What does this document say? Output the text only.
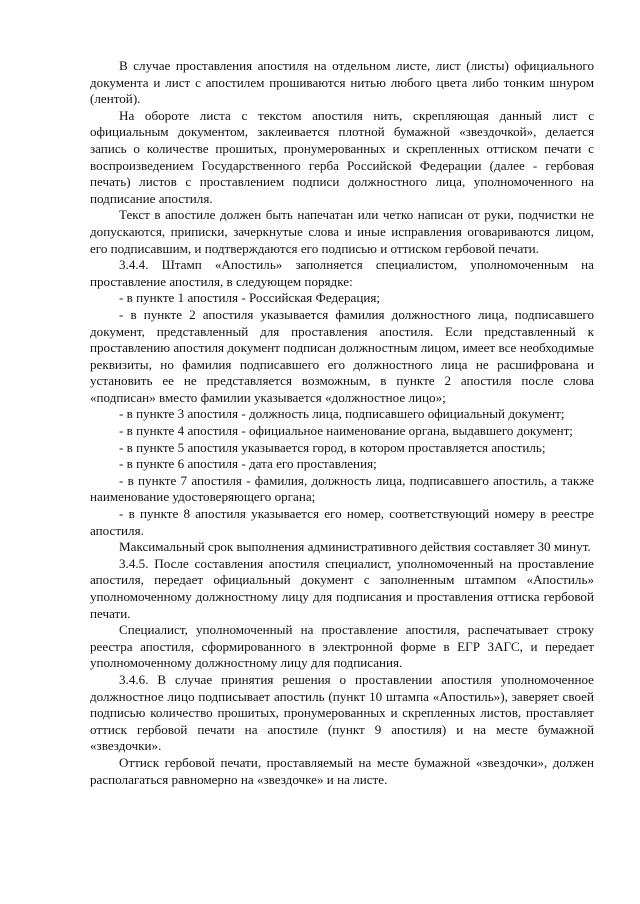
В случае проставления апостиля на отдельном листе, лист (листы) официального документа и лист с апостилем прошиваются нитью любого цвета либо тонким шнуром (лентой).

На обороте листа с текстом апостиля нить, скрепляющая данный лист с официальным документом, заклеивается плотной бумажной «звездочкой», делается запись о количестве прошитых, пронумерованных и скрепленных оттиском печати с воспроизведением Государственного герба Российской Федерации (далее - гербовая печать) листов с проставлением подписи должностного лица, уполномоченного на подписание апостиля.

Текст в апостиле должен быть напечатан или четко написан от руки, подчистки не допускаются, приписки, зачеркнутые слова и иные исправления оговариваются лицом, его подписавшим, и подтверждаются его подписью и оттиском гербовой печати.

3.4.4. Штамп «Апостиль» заполняется специалистом, уполномоченным на проставление апостиля, в следующем порядке:

- в пункте 1 апостиля - Российская Федерация;

- в пункте 2 апостиля указывается фамилия должностного лица, подписавшего документ, представленный для проставления апостиля. Если представленный к проставлению апостиля документ подписан должностным лицом, имеет все необходимые реквизиты, но фамилия подписавшего его должностного лица не расшифрована и установить ее не представляется возможным, в пункте 2 апостиля после слова «подписан» вместо фамилии указывается «должностное лицо»;

- в пункте 3 апостиля - должность лица, подписавшего официальный документ;

- в пункте 4 апостиля - официальное наименование органа, выдавшего документ;

- в пункте 5 апостиля указывается город, в котором проставляется апостиль;

- в пункте 6 апостиля - дата его проставления;

- в пункте 7 апостиля - фамилия, должность лица, подписавшего апостиль, а также наименование удостоверяющего органа;

- в пункте 8 апостиля указывается его номер, соответствующий номеру в реестре апостиля.

Максимальный срок выполнения административного действия составляет 30 минут.

3.4.5. После составления апостиля специалист, уполномоченный на проставление апостиля, передает официальный документ с заполненным штампом «Апостиль» уполномоченному должностному лицу для подписания и проставления оттиска гербовой печати.

Специалист, уполномоченный на проставление апостиля, распечатывает строку реестра апостиля, сформированного в электронной форме в ЕГР ЗАГС, и передает уполномоченному должностному лицу для подписания.

3.4.6. В случае принятия решения о проставлении апостиля уполномоченное должностное лицо подписывает апостиль (пункт 10 штампа «Апостиль»), заверяет своей подписью количество прошитых, пронумерованных и скрепленных листов, проставляет оттиск гербовой печати на апостиле (пункт 9 апостиля) и на месте бумажной «звездочки».

Оттиск гербовой печати, проставляемый на месте бумажной «звездочки», должен располагаться равномерно на «звездочке» и на листе.
